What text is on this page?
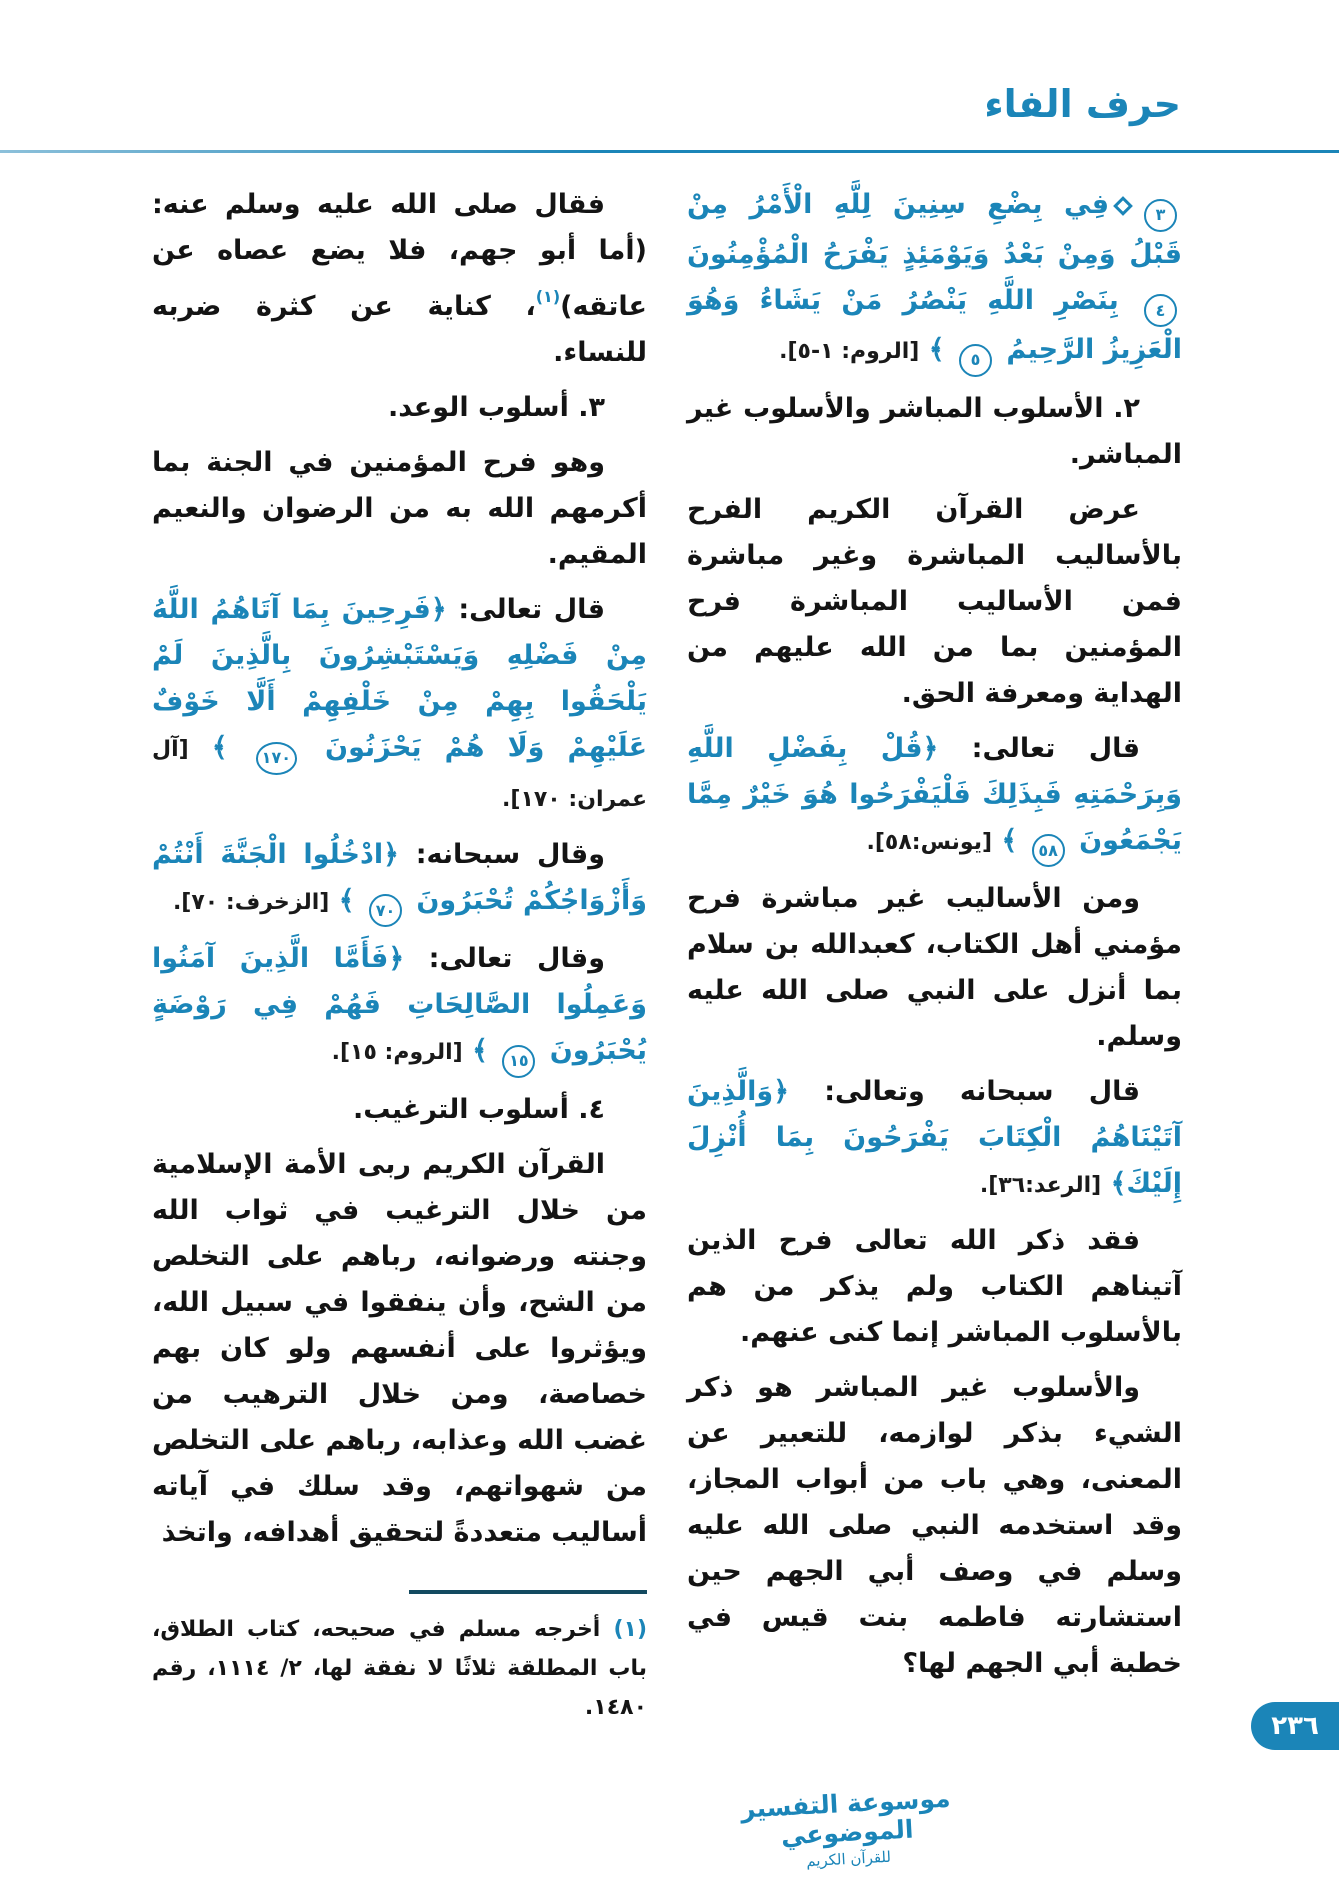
حرف الفاء

٣فِي بِضْعِ سِنِينَ لِلَّهِ الْأَمْرُ مِنْ قَبْلُ وَمِنْ بَعْدُ وَيَوْمَئِذٍ يَفْرَحُ الْمُؤْمِنُونَ ٤ بِنَصْرِ اللَّهِ يَنْصُرُ مَنْ يَشَاءُ وَهُوَ الْعَزِيزُ الرَّحِيمُ ٥ ﴾ [الروم: ١-٥].

٢. الأسلوب المباشر والأسلوب غير المباشر.

عرض القرآن الكريم الفرح بالأساليب المباشرة وغير مباشرة فمن الأساليب المباشرة فرح المؤمنين بما من الله عليهم من الهداية ومعرفة الحق.

قال تعالى: ﴿قُلْ بِفَضْلِ اللَّهِ وَبِرَحْمَتِهِ فَبِذَلِكَ فَلْيَفْرَحُوا هُوَ خَيْرٌ مِمَّا يَجْمَعُونَ ٥٨ ﴾ [يونس:٥٨].

ومن الأساليب غير مباشرة فرح مؤمني أهل الكتاب، كعبدالله بن سلام بما أنزل على النبي صلى الله عليه وسلم.

قال سبحانه وتعالى: ﴿وَالَّذِينَ آتَيْنَاهُمُ الْكِتَابَ يَفْرَحُونَ بِمَا أُنْزِلَ إِلَيْكَ﴾ [الرعد:٣٦].

فقد ذكر الله تعالى فرح الذين آتيناهم الكتاب ولم يذكر من هم بالأسلوب المباشر إنما كنى عنهم.

والأسلوب غير المباشر هو ذكر الشيء بذكر لوازمه، للتعبير عن المعنى، وهي باب من أبواب المجاز، وقد استخدمه النبي صلى الله عليه وسلم في وصف أبي الجهم حين استشارته فاطمه بنت قيس في خطبة أبي الجهم لها؟

فقال صلى الله عليه وسلم عنه: (أما أبو جهم، فلا يضع عصاه عن عاتقه)$^{(١)}$، كناية عن كثرة ضربه للنساء.

٣. أسلوب الوعد.

وهو فرح المؤمنين في الجنة بما أكرمهم الله به من الرضوان والنعيم المقيم.

قال تعالى: ﴿فَرِحِينَ بِمَا آتَاهُمُ اللَّهُ مِنْ فَضْلِهِ وَيَسْتَبْشِرُونَ بِالَّذِينَ لَمْ يَلْحَقُوا بِهِمْ مِنْ خَلْفِهِمْ أَلَّا خَوْفٌ عَلَيْهِمْ وَلَا هُمْ يَحْزَنُونَ ١٧٠ ﴾ [آل عمران: ١٧٠].

وقال سبحانه: ﴿ادْخُلُوا الْجَنَّةَ أَنْتُمْ وَأَزْوَاجُكُمْ تُحْبَرُونَ ٧٠ ﴾ [الزخرف: ٧٠].

وقال تعالى: ﴿فَأَمَّا الَّذِينَ آمَنُوا وَعَمِلُوا الصَّالِحَاتِ فَهُمْ فِي رَوْضَةٍ يُحْبَرُونَ ١٥ ﴾ [الروم: ١٥].

٤. أسلوب الترغيب.

القرآن الكريم ربى الأمة الإسلامية من خلال الترغيب في ثواب الله وجنته ورضوانه، رباهم على التخلص من الشح، وأن ينفقوا في سبيل الله، ويؤثروا على أنفسهم ولو كان بهم خصاصة، ومن خلال الترهيب من غضب الله وعذابه، رباهم على التخلص من شهواتهم، وقد سلك في آياته أساليب متعددةً لتحقيق أهدافه، واتخذ

(١) أخرجه مسلم في صحيحه، كتاب الطلاق، باب المطلقة ثلاثًا لا نفقة لها، ٢/ ١١١٤، رقم ١٤٨٠.

موسوعة التفسير الموضوعي
للقرآن الكريم
٢٣٦
